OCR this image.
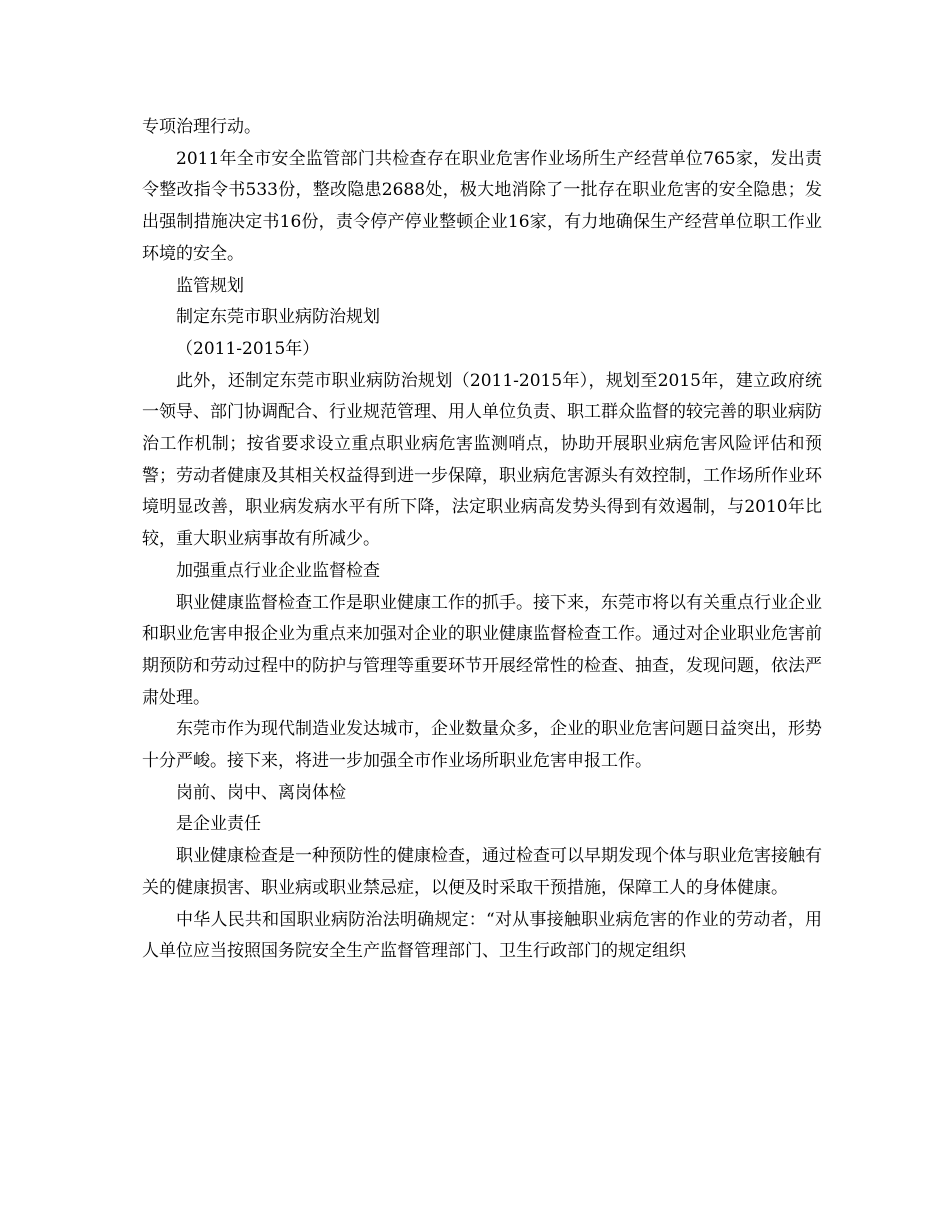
专项治理行动。

2011年全市安全监管部门共检查存在职业危害作业场所生产经营单位765家，发出责令整改指令书533份，整改隐患2688处，极大地消除了一批存在职业危害的安全隐患；发出强制措施决定书16份，责令停产停业整顿企业16家，有力地确保生产经营单位职工作业环境的安全。

监管规划

制定东莞市职业病防治规划

（2011-2015年）

此外，还制定东莞市职业病防治规划（2011-2015年），规划至2015年，建立政府统一领导、部门协调配合、行业规范管理、用人单位负责、职工群众监督的较完善的职业病防治工作机制；按省要求设立重点职业病危害监测哨点，协助开展职业病危害风险评估和预警；劳动者健康及其相关权益得到进一步保障，职业病危害源头有效控制，工作场所作业环境明显改善，职业病发病水平有所下降，法定职业病高发势头得到有效遏制，与2010年比较，重大职业病事故有所减少。

加强重点行业企业监督检查

职业健康监督检查工作是职业健康工作的抓手。接下来，东莞市将以有关重点行业企业和职业危害申报企业为重点来加强对企业的职业健康监督检查工作。通过对企业职业危害前期预防和劳动过程中的防护与管理等重要环节开展经常性的检查、抽查，发现问题，依法严肃处理。

东莞市作为现代制造业发达城市，企业数量众多，企业的职业危害问题日益突出，形势十分严峻。接下来，将进一步加强全市作业场所职业危害申报工作。

岗前、岗中、离岗体检

是企业责任

职业健康检查是一种预防性的健康检查，通过检查可以早期发现个体与职业危害接触有关的健康损害、职业病或职业禁忌症，以便及时采取干预措施，保障工人的身体健康。

中华人民共和国职业病防治法明确规定：“对从事接触职业病危害的作业的劳动者，用人单位应当按照国务院安全生产监督管理部门、卫生行政部门的规定组织
